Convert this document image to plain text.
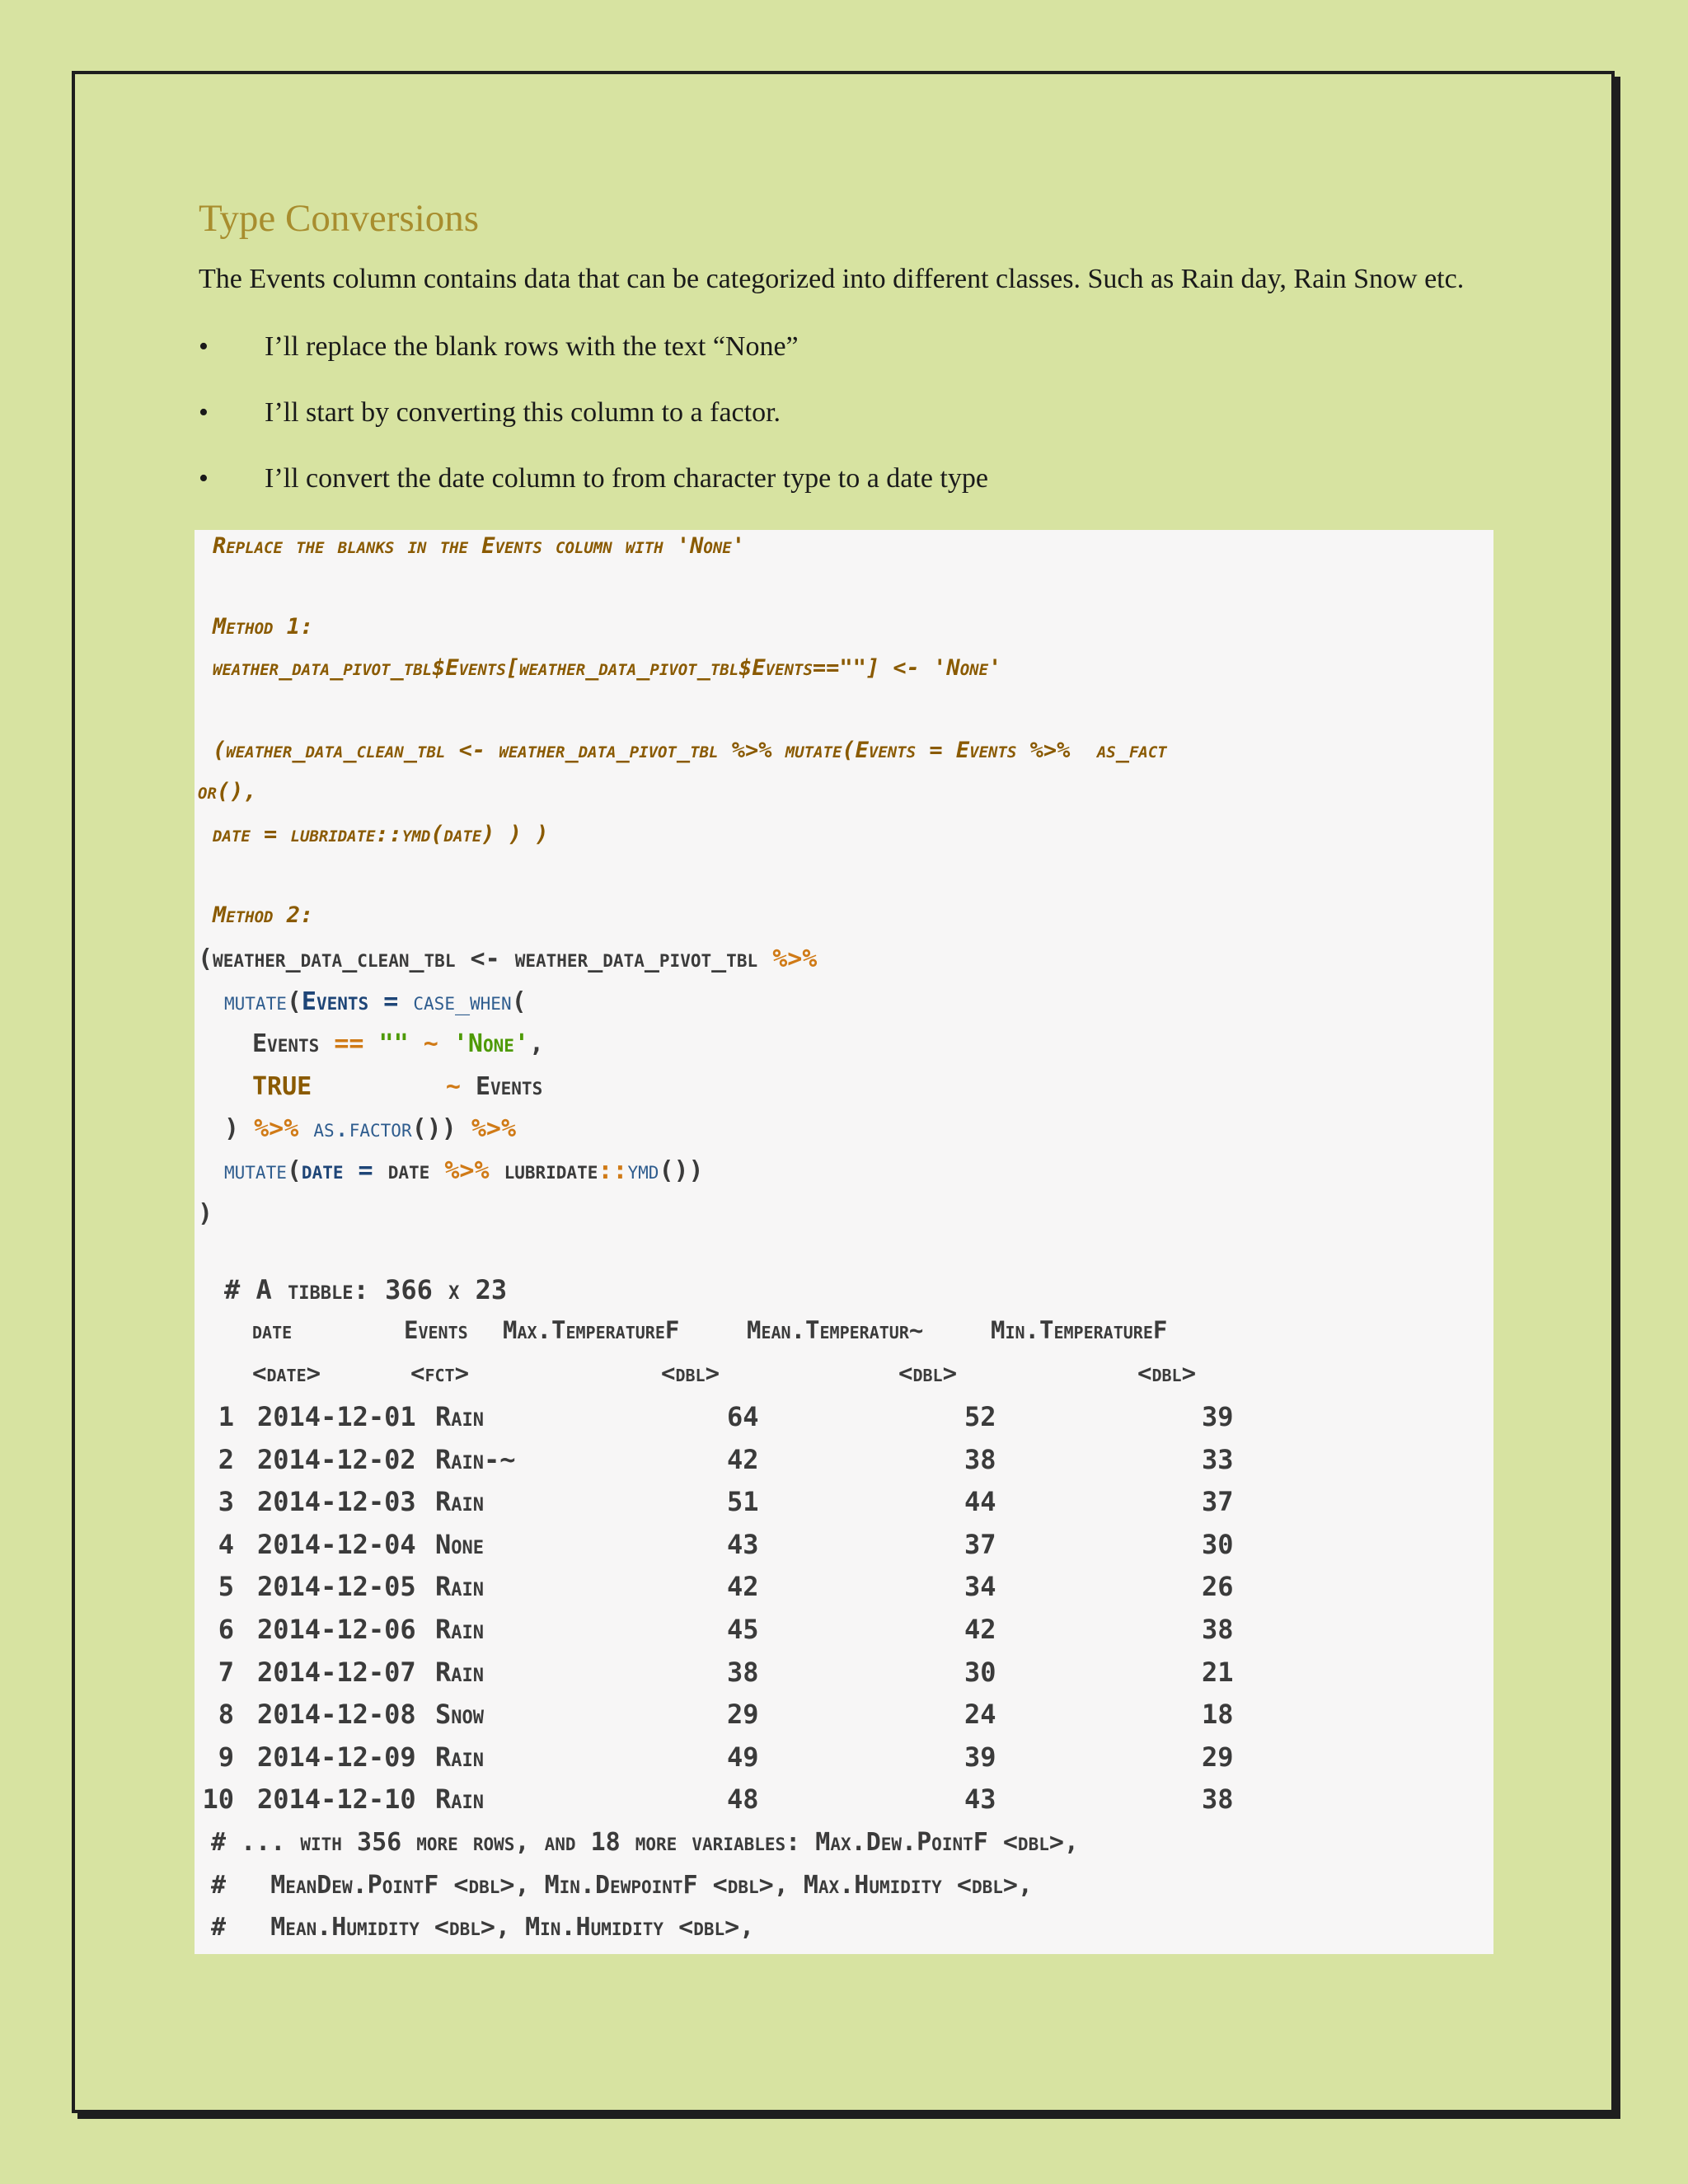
Type Conversions

The Events column contains data that can be categorized into different classes. Such as Rain day, Rain Snow etc.

• I’ll replace the blank rows with the text “None”
• I’ll start by converting this column to a factor.
• I’ll convert the date column to from character type to a date type
Replace the blanks in the Events column with 'None'
Method 1:
weather_data_pivot_tbl$Events[weather_data_pivot_tbl$Events==""] <- 'None'
(weather_data_clean_tbl <- weather_data_pivot_tbl %>% mutate(Events = Events %>%  as_fact
or(),
date = lubridate::ymd(date) ) )
Method 2:
(weather_data_clean_tbl <- weather_data_pivot_tbl %>%
mutate(Events = case_when(
Events == "" ~ 'None',
TRUE	~ Events
) %>% as.factor()) %>%
mutate(date = date %>% lubridate::ymd())
)
# A tibble: 366 x 23
date	Events Max.TemperatureF	Mean.Temperatur~	Min.TemperatureF
<date>	<fct>	<dbl>	<dbl>	<dbl>
1 2014-12-01 Rain	64	52	39
2 2014-12-02 Rain-~	42	38	33
3 2014-12-03 Rain	51	44	37
4 2014-12-04 None	43	37	30
5 2014-12-05 Rain	42	34	26
6 2014-12-06 Rain	45	42	38
7 2014-12-07 Rain	38	30	21
8 2014-12-08 Snow	29	24	18
9 2014-12-09 Rain	49	39	29
10 2014-12-10 Rain	48	43	38
# ... with 356 more rows, and 18 more variables: Max.Dew.PointF <dbl>,
#   MeanDew.PointF <dbl>, Min.DewpointF <dbl>, Max.Humidity <dbl>,
#   Mean.Humidity <dbl>, Min.Humidity <dbl>,
